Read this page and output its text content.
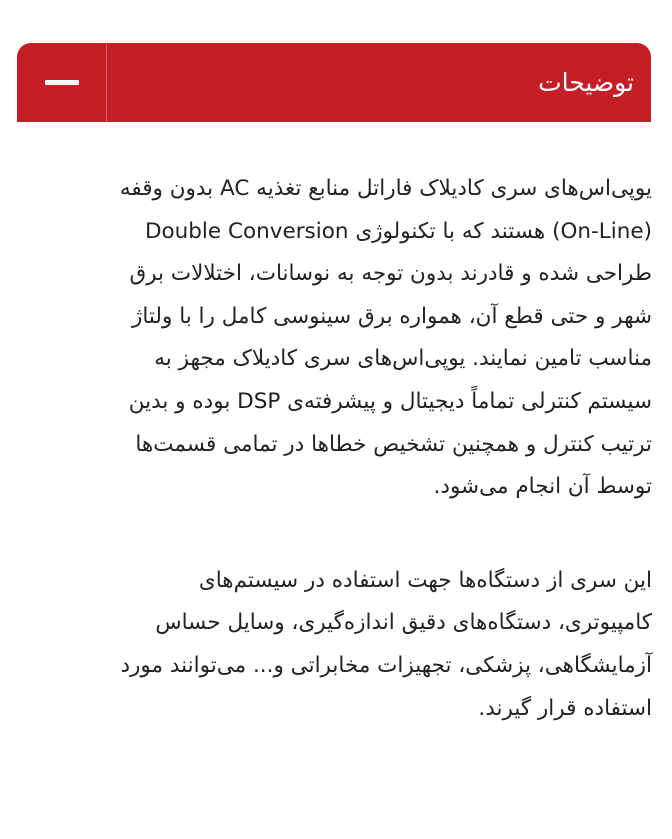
توضیحات

یوپی‌اس‌های سری کادیلاک فاراتل منابع تغذیه AC بدون وقفه
(On-Line) هستند که با تکنولوژی Double Conversion
طراحی شده و قادرند بدون توجه به نوسانات، اختلالات برق
شهر و حتی قطع آن، همواره برق سینوسی کامل را با ولتاژ
مناسب تامین نمایند. یوپی‌اس‌های سری کادیلاک مجهز به
سیستم کنترلی تماماً دیجیتال و پیشرفته‌ی DSP بوده و بدین
ترتیب کنترل و همچنین تشخیص خطاها در تمامی قسمت‌ها
توسط آن انجام می‌شود.

این سری از دستگاه‌ها جهت استفاده در سیستم‌های
کامپیوتری، دستگاه‌های دقیق اندازه‌گیری، وسایل حساس
آزمایشگاهی، پزشکی، تجهیزات مخابراتی و... می‌توانند مورد
استفاده قرار گیرند.
